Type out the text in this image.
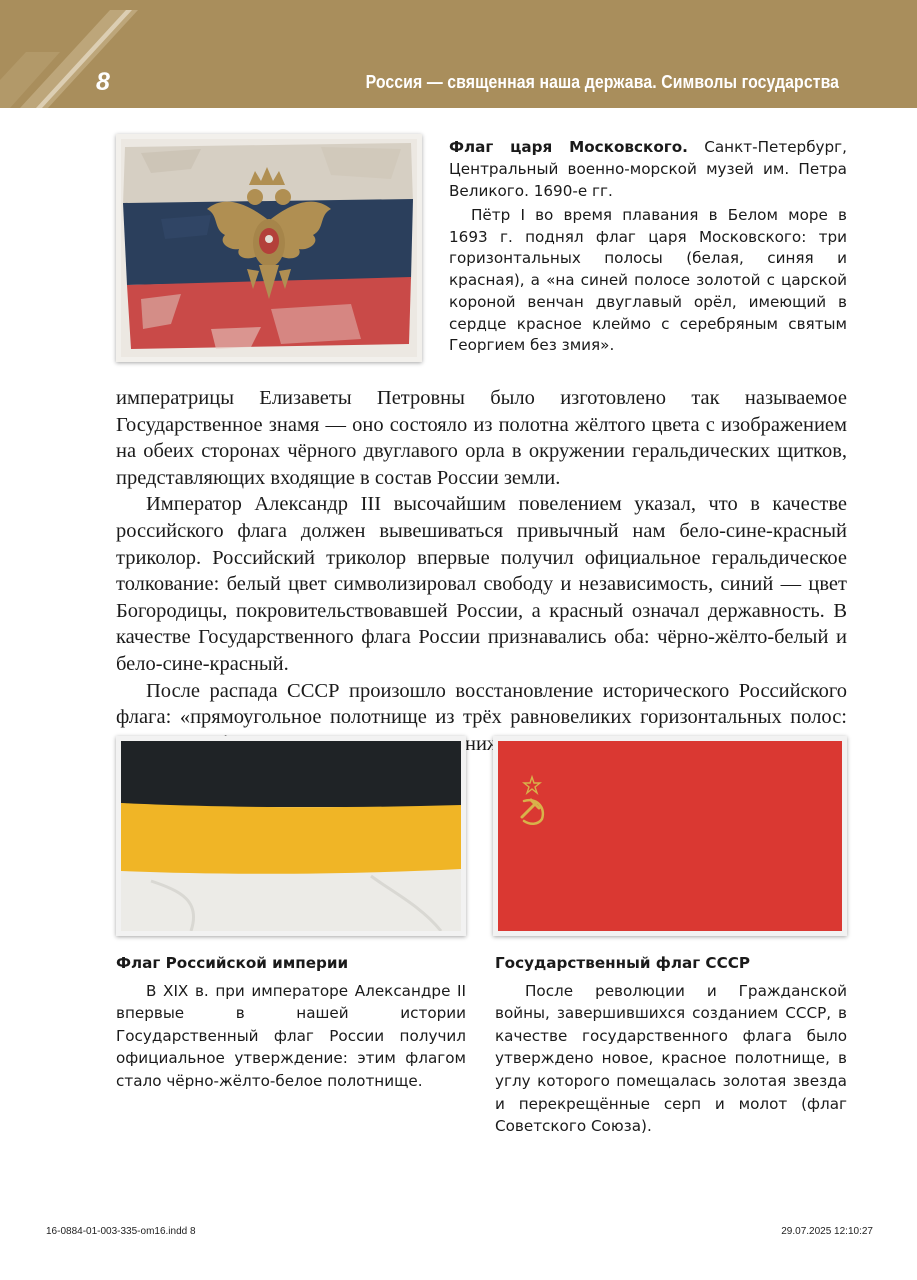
8	Россия — священная наша держава. Символы государства

Флаг царя Московского. Санкт-Петербург, Центральный военно-морской музей им. Петра Великого. 1690-е гг.

Пётр I во время плавания в Белом море в 1693 г. поднял флаг царя Московского: три горизонтальных полосы (белая, синяя и красная), а «на синей полосе золотой с царской короной венчан двуглавый орёл, имеющий в сердце красное клеймо с серебряным святым Георгием без змия».

императрицы Елизаветы Петровны было изготовлено так называемое Государственное знамя — оно состояло из полотна жёлтого цвета с изображением на обеих сторонах чёрного двуглавого орла в окружении геральдических щитков, представляющих входящие в состав России земли.

Император Александр III высочайшим повелением указал, что в качестве российского флага должен вывешиваться привычный нам бело-сине-красный триколор. Российский триколор впервые получил официальное геральдическое толкование: белый цвет символизировал свободу и независимость, синий — цвет Богородицы, покровительствовавшей России, а красный означал державность. В качестве Государственного флага России признавались оба: чёрно-жёлто-белый и бело-сине-красный.

После распада СССР произошло восстановление исторического Российского флага: «прямоугольное полотнище из трёх равновеликих горизонтальных полос:

Флаг Российской империи

В XIX в. при императоре Александре II впервые в нашей истории Государственный флаг России получил официальное утверждение: этим флагом стало чёрно-жёлто-белое полотнище.

Государственный флаг СССР

После революции и Гражданской войны, завершившихся созданием СССР, в качестве государственного флага было утверждено новое, красное полотнище, в углу которого помещалась золотая звезда и перекрещённые серп и молот (флаг Советского Союза).

16-0884-01-003-335-om16.indd 8	29.07.2025 12:10:27
